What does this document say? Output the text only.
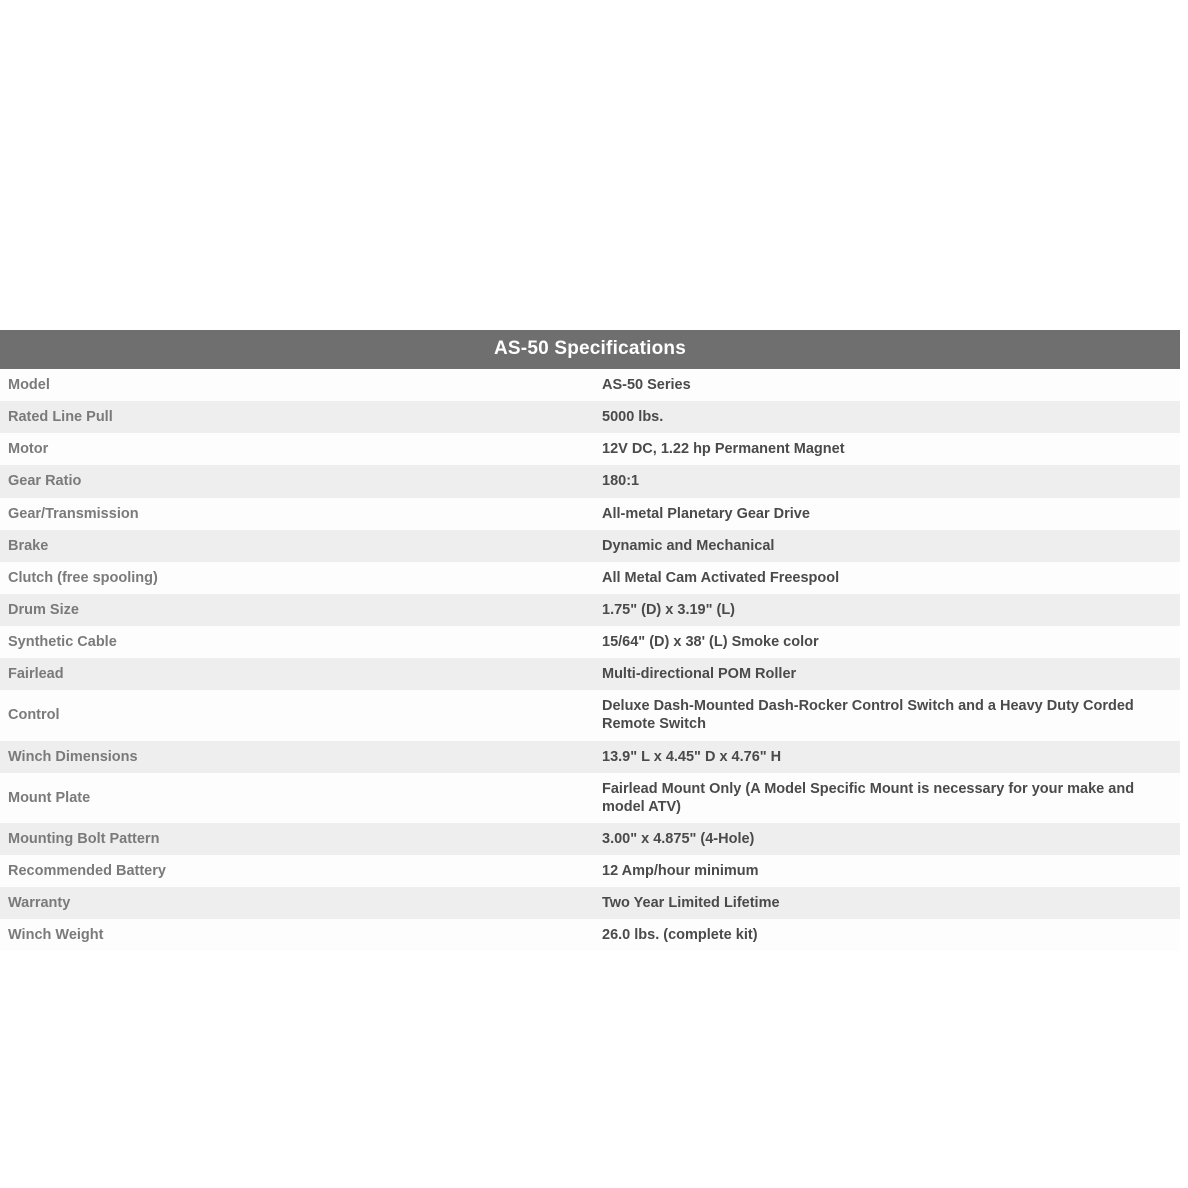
AS-50 Specifications	
Model	AS-50 Series
Rated Line Pull	5000 lbs.
Motor	12V DC, 1.22 hp Permanent Magnet
Gear Ratio	180:1
Gear/Transmission	All-metal Planetary Gear Drive
Brake	Dynamic and Mechanical
Clutch (free spooling)	All Metal Cam Activated Freespool
Drum Size	1.75" (D) x 3.19" (L)
Synthetic Cable	15/64" (D) x 38' (L) Smoke color
Fairlead	Multi-directional POM Roller
Control	Deluxe Dash-Mounted Dash-Rocker Control Switch and a Heavy Duty Corded Remote Switch
Winch Dimensions	13.9" L x 4.45" D x 4.76" H
Mount Plate	Fairlead Mount Only (A Model Specific Mount is necessary for your make and model ATV)
Mounting Bolt Pattern	3.00" x 4.875" (4-Hole)
Recommended Battery	12 Amp/hour minimum
Warranty	Two Year Limited Lifetime
Winch Weight	26.0 lbs. (complete kit)
